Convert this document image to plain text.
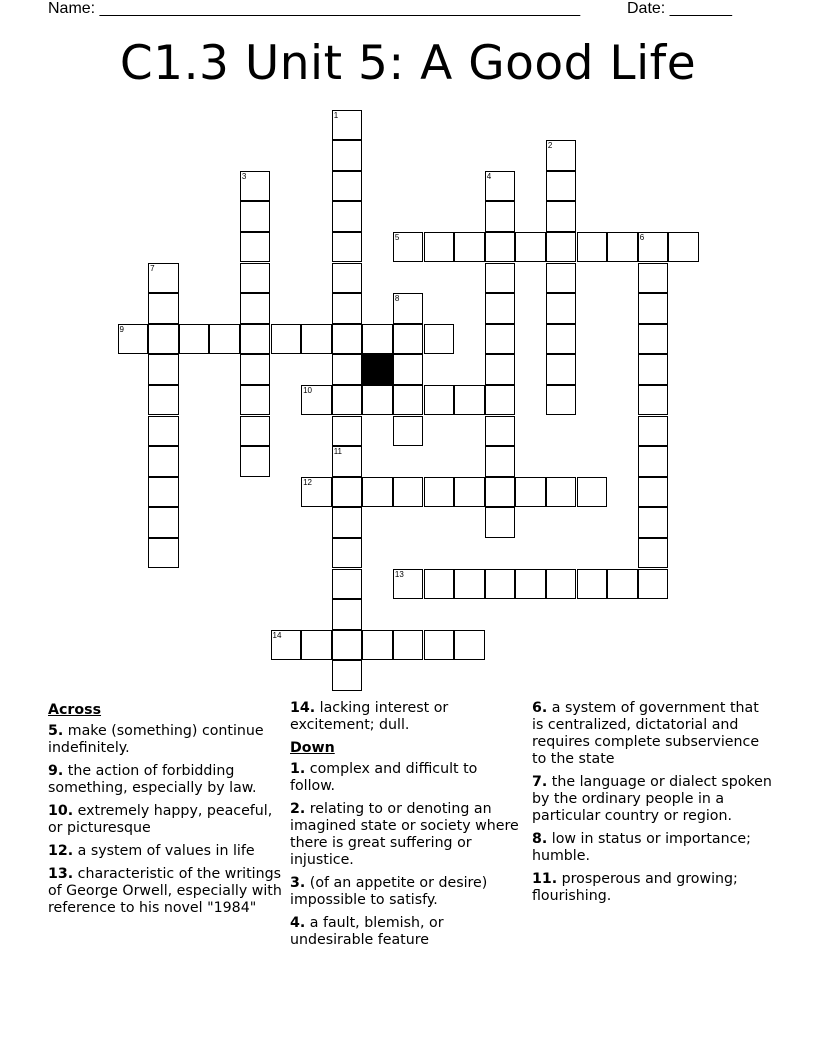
Name: ______________________________________________________	Date: _______
C1.3 Unit 5: A Good Life
1
2
3	4
5	6
7
8
9
10
11
12
13
14
Across
5. make (something) continue indefinitely.
9. the action of forbidding something, especially by law.
10. extremely happy, peaceful, or picturesque
12. a system of values in life
13. characteristic of the writings of George Orwell, especially with reference to his novel "1984"
14. lacking interest or excitement; dull.
Down
1. complex and difficult to follow.
2. relating to or denoting an imagined state or society where there is great suffering or injustice.
3. (of an appetite or desire) impossible to satisfy.
4. a fault, blemish, or undesirable feature
6. a system of government that is centralized, dictatorial and requires complete subservience to the state
7. the language or dialect spoken by the ordinary people in a particular country or region.
8. low in status or importance; humble.
11. prosperous and growing; flourishing.
